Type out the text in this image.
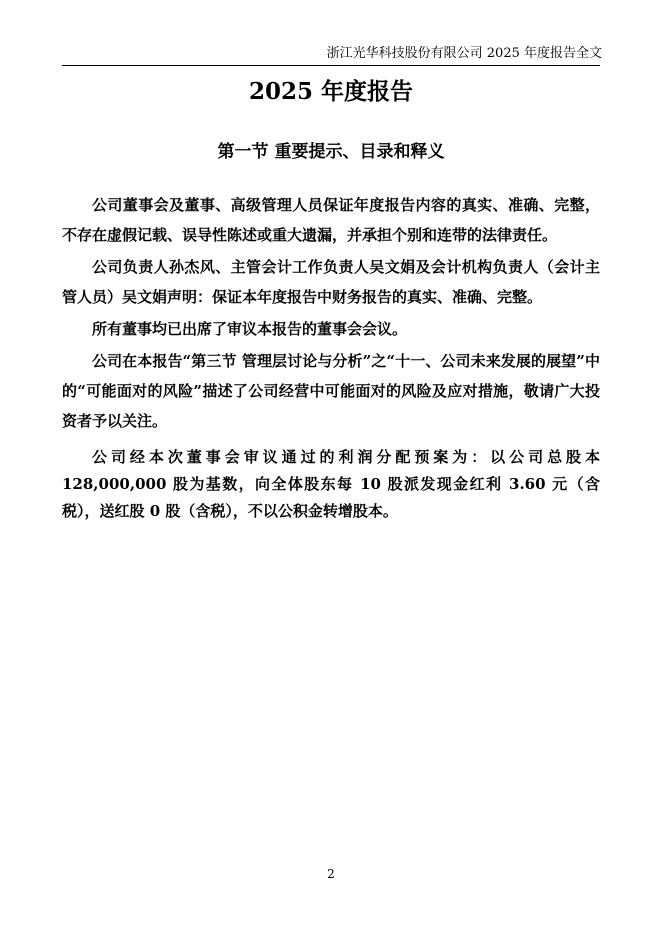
浙江光华科技股份有限公司 2025 年度报告全文
2025 年度报告
第一节 重要提示、目录和释义

公司董事会及董事、高级管理人员保证年度报告内容的真实、准确、完整，不存在虚假记载、误导性陈述或重大遗漏，并承担个别和连带的法律责任。

公司负责人孙杰风、主管会计工作负责人吴文娟及会计机构负责人（会计主管人员）吴文娟声明：保证本年度报告中财务报告的真实、准确、完整。

所有董事均已出席了审议本报告的董事会会议。

公司在本报告“第三节 管理层讨论与分析”之“十一、公司未来发展的展望”中的“可能面对的风险”描述了公司经营中可能面对的风险及应对措施，敬请广大投资者予以关注。

公司经本次董事会审议通过的利润分配预案为：以公司总股本 128,000,000 股为基数，向全体股东每 10 股派发现金红利 3.60 元（含税），送红股 0 股（含税），不以公积金转增股本。

2
